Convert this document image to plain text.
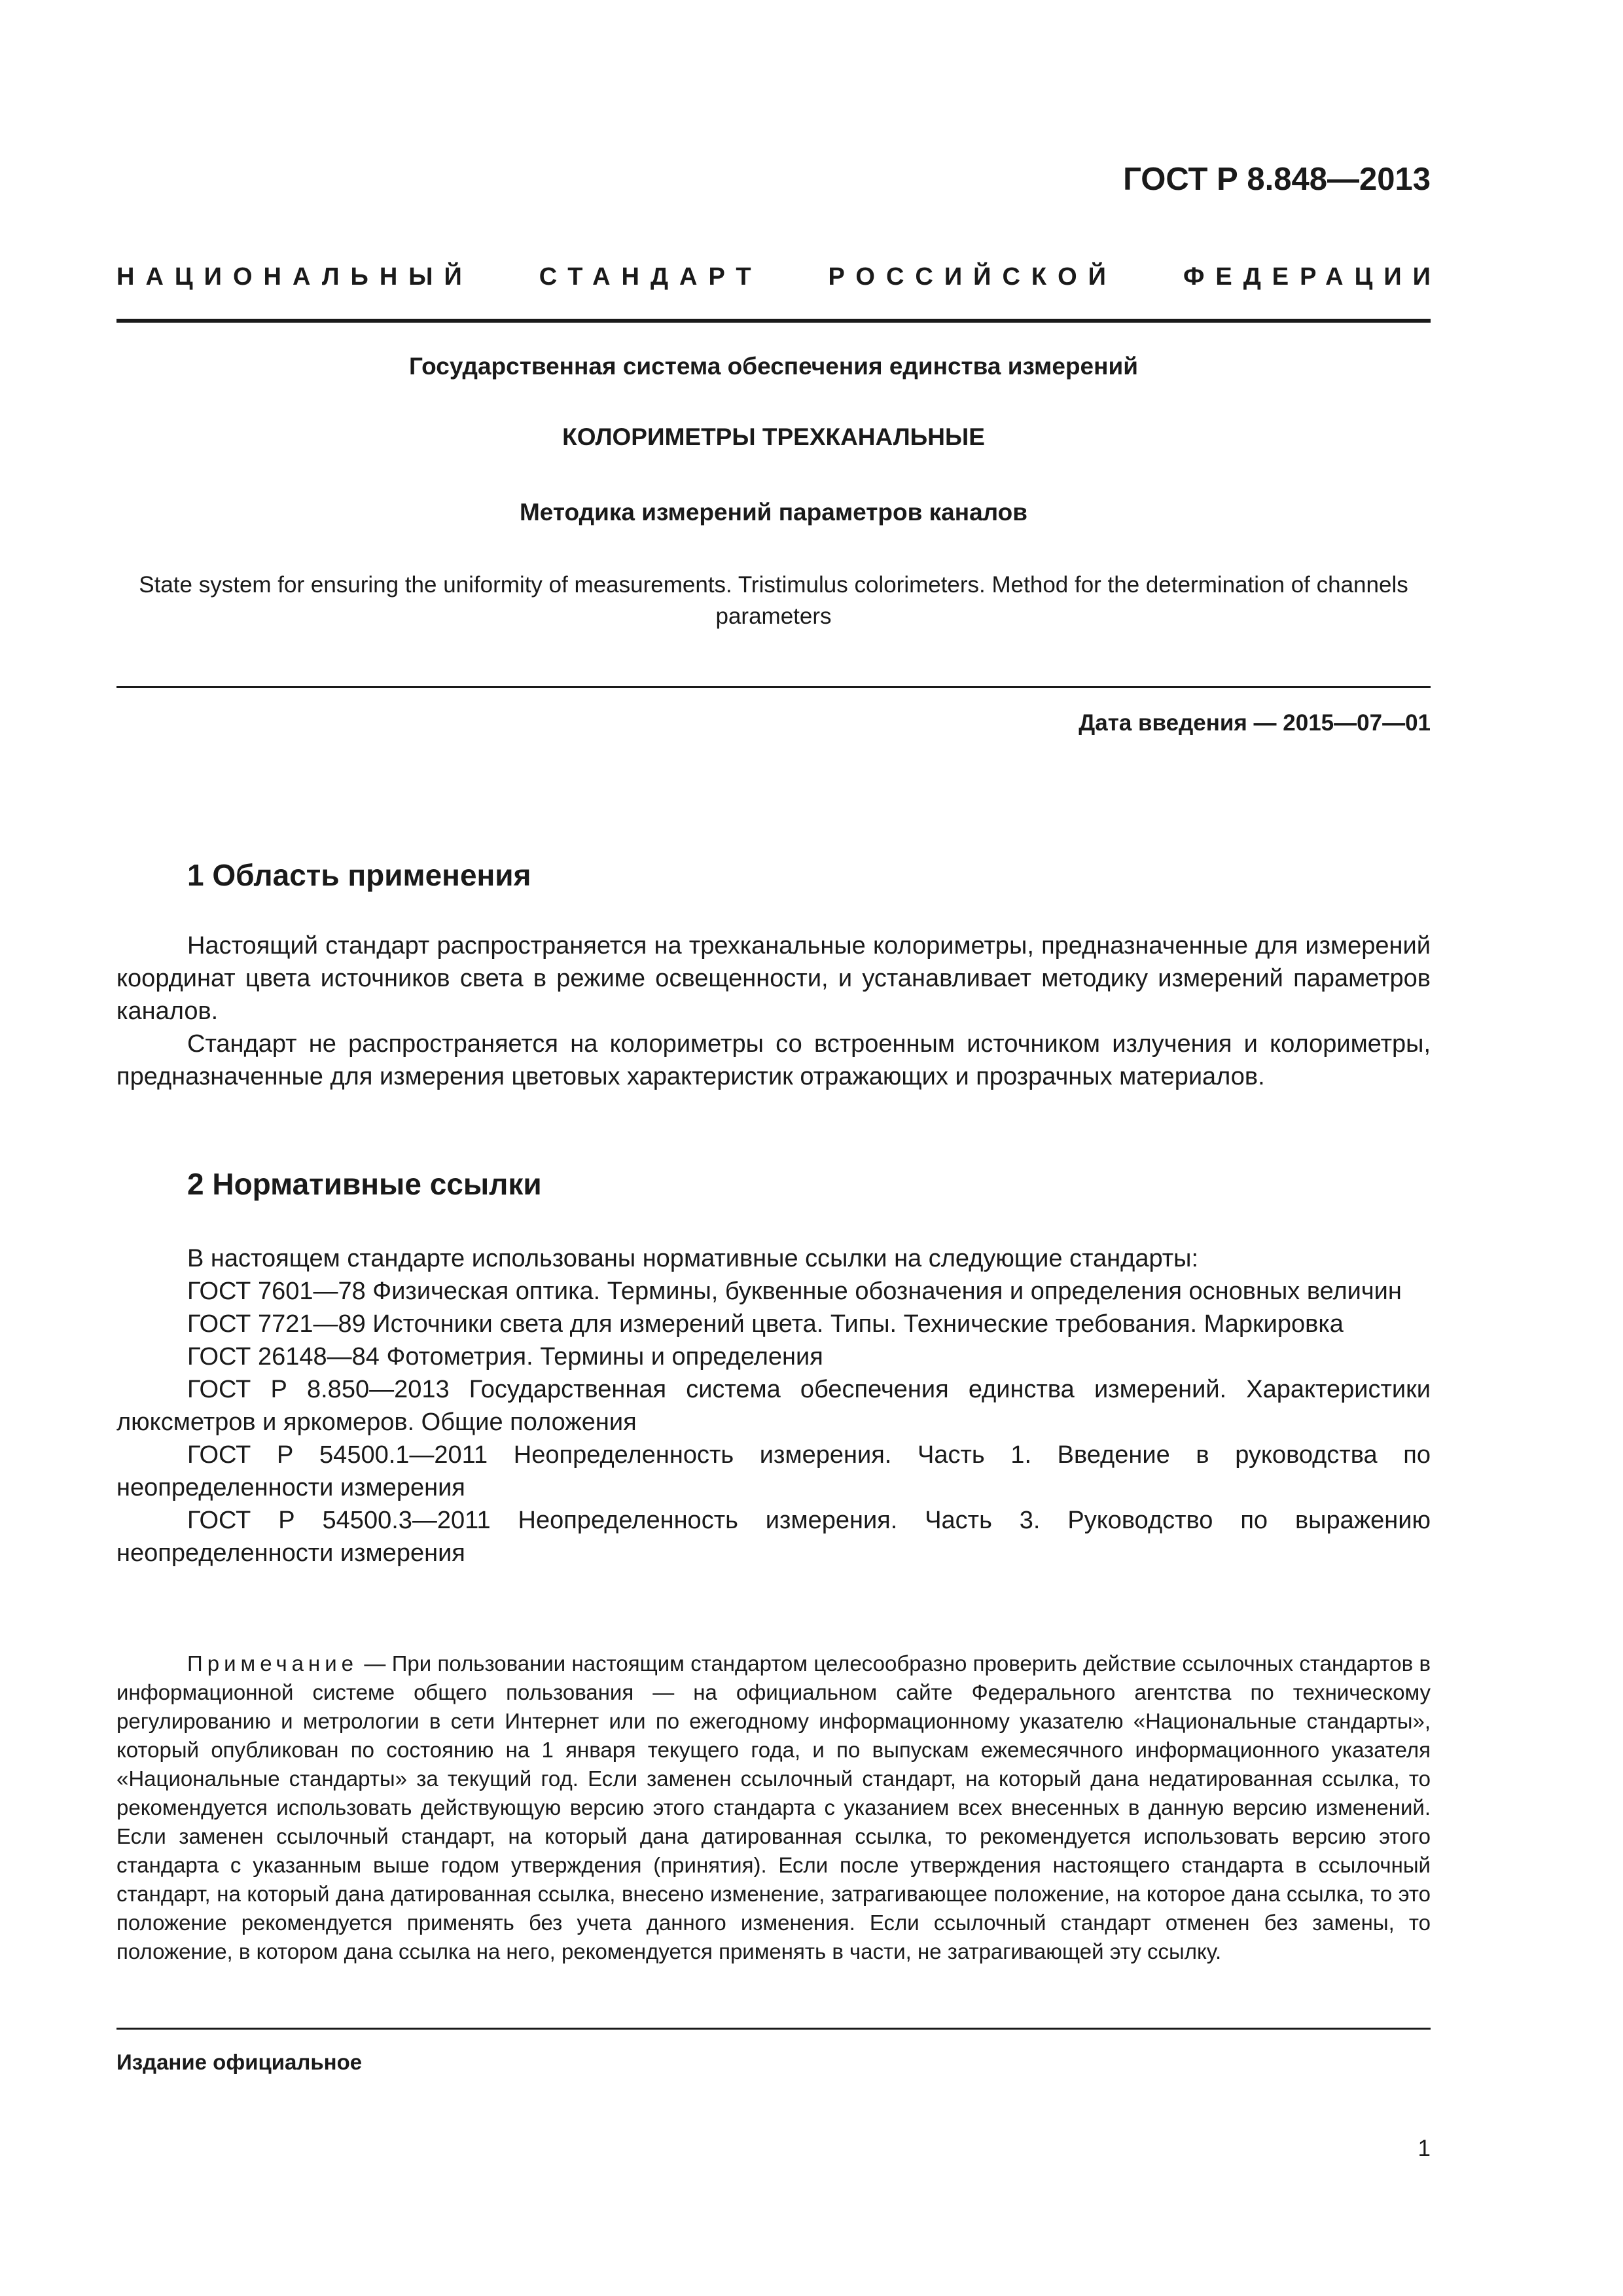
ГОСТ Р 8.848—2013
НАЦИОНАЛЬНЫЙ	СТАНДАРТ	РОССИЙСКОЙ	ФЕДЕРАЦИИ
Государственная система обеспечения единства измерений
КОЛОРИМЕТРЫ ТРЕХКАНАЛЬНЫЕ
Методика измерений параметров каналов
State system for ensuring the uniformity of measurements. Tristimulus colorimeters. Method for the determination of channels parameters
Дата введения — 2015—07—01
1 Область применения

Настоящий стандарт распространяется на трехканальные колориметры, предназначенные для измерений координат цвета источников света в режиме освещенности, и устанавливает методику измерений параметров каналов.

Стандарт не распространяется на колориметры со встроенным источником излучения и колориметры, предназначенные для измерения цветовых характеристик отражающих и прозрачных материалов.

2 Нормативные ссылки

В настоящем стандарте использованы нормативные ссылки на следующие стандарты:

ГОСТ 7601—78 Физическая оптика. Термины, буквенные обозначения и определения основных величин

ГОСТ 7721—89 Источники света для измерений цвета. Типы. Технические требования. Маркировка

ГОСТ 26148—84 Фотометрия. Термины и определения

ГОСТ Р 8.850—2013 Государственная система обеспечения единства измерений. Характеристики люксметров и яркомеров. Общие положения

ГОСТ Р 54500.1—2011 Неопределенность измерения. Часть 1. Введение в руководства по неопределенности измерения

ГОСТ Р 54500.3—2011 Неопределенность измерения. Часть 3. Руководство по выражению неопределенности измерения

Примечание — При пользовании настоящим стандартом целесообразно проверить действие ссылочных стандартов в информационной системе общего пользования — на официальном сайте Федерального агентства по техническому регулированию и метрологии в сети Интернет или по ежегодному информационному указателю «Национальные стандарты», который опубликован по состоянию на 1 января текущего года, и по выпускам ежемесячного информационного указателя «Национальные стандарты» за текущий год. Если заменен ссылочный стандарт, на который дана недатированная ссылка, то рекомендуется использовать действующую версию этого стандарта с указанием всех внесенных в данную версию изменений. Если заменен ссылочный стандарт, на который дана датированная ссылка, то рекомендуется использовать версию этого стандарта с указанным выше годом утверждения (принятия). Если после утверждения настоящего стандарта в ссылочный стандарт, на который дана датированная ссылка, внесено изменение, затрагивающее положение, на которое дана ссылка, то это положение рекомендуется применять без учета данного изменения. Если ссылочный стандарт отменен без замены, то положение, в котором дана ссылка на него, рекомендуется применять в части, не затрагивающей эту ссылку.

Издание официальное
1
